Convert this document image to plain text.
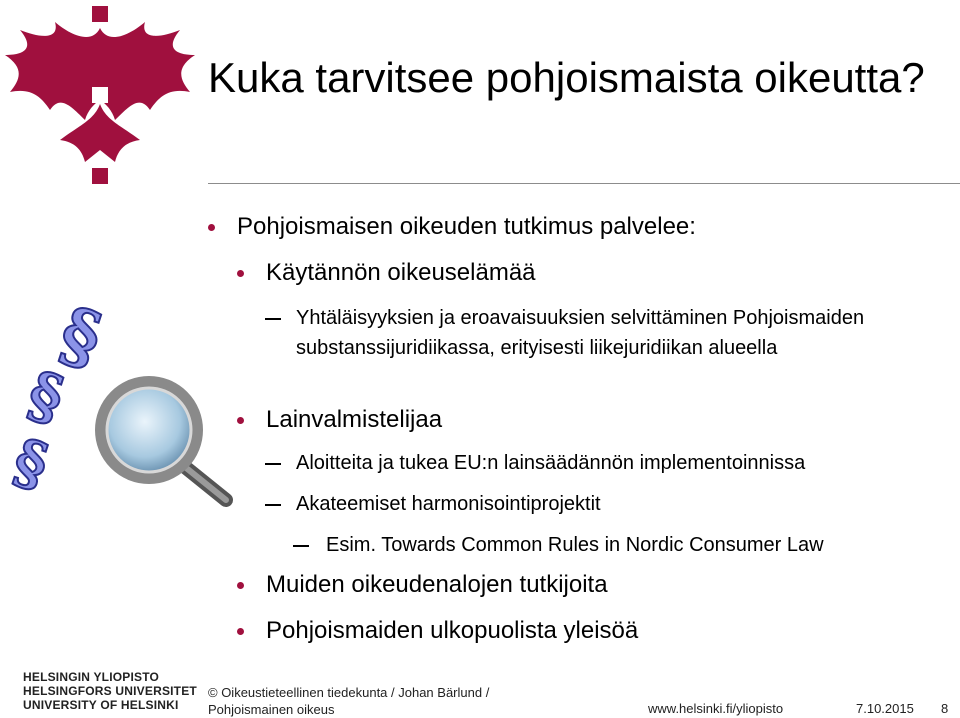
Kuka tarvitsee pohjoismaista oikeutta?
§
§
§
Pohjoismaisen oikeuden tutkimus palvelee:
Käytännön oikeuselämää
Yhtäläisyyksien ja eroavaisuuksien selvittäminen Pohjoismaiden substanssijuridiikassa, erityisesti liikejuridiikan alueella
Lainvalmistelijaa
Aloitteita ja tukea EU:n lainsäädännön implementoinnissa
Akateemiset harmonisointiprojektit
Esim. Towards Common Rules in Nordic Consumer Law
Muiden oikeudenalojen tutkijoita
Pohjoismaiden ulkopuolista yleisöä
HELSINGIN YLIOPISTO
HELSINGFORS UNIVERSITET
UNIVERSITY OF HELSINKI
© Oikeustieteellinen tiedekunta / Johan Bärlund / Pohjoismainen oikeus	www.helsinki.fi/yliopisto	7.10.2015 8
